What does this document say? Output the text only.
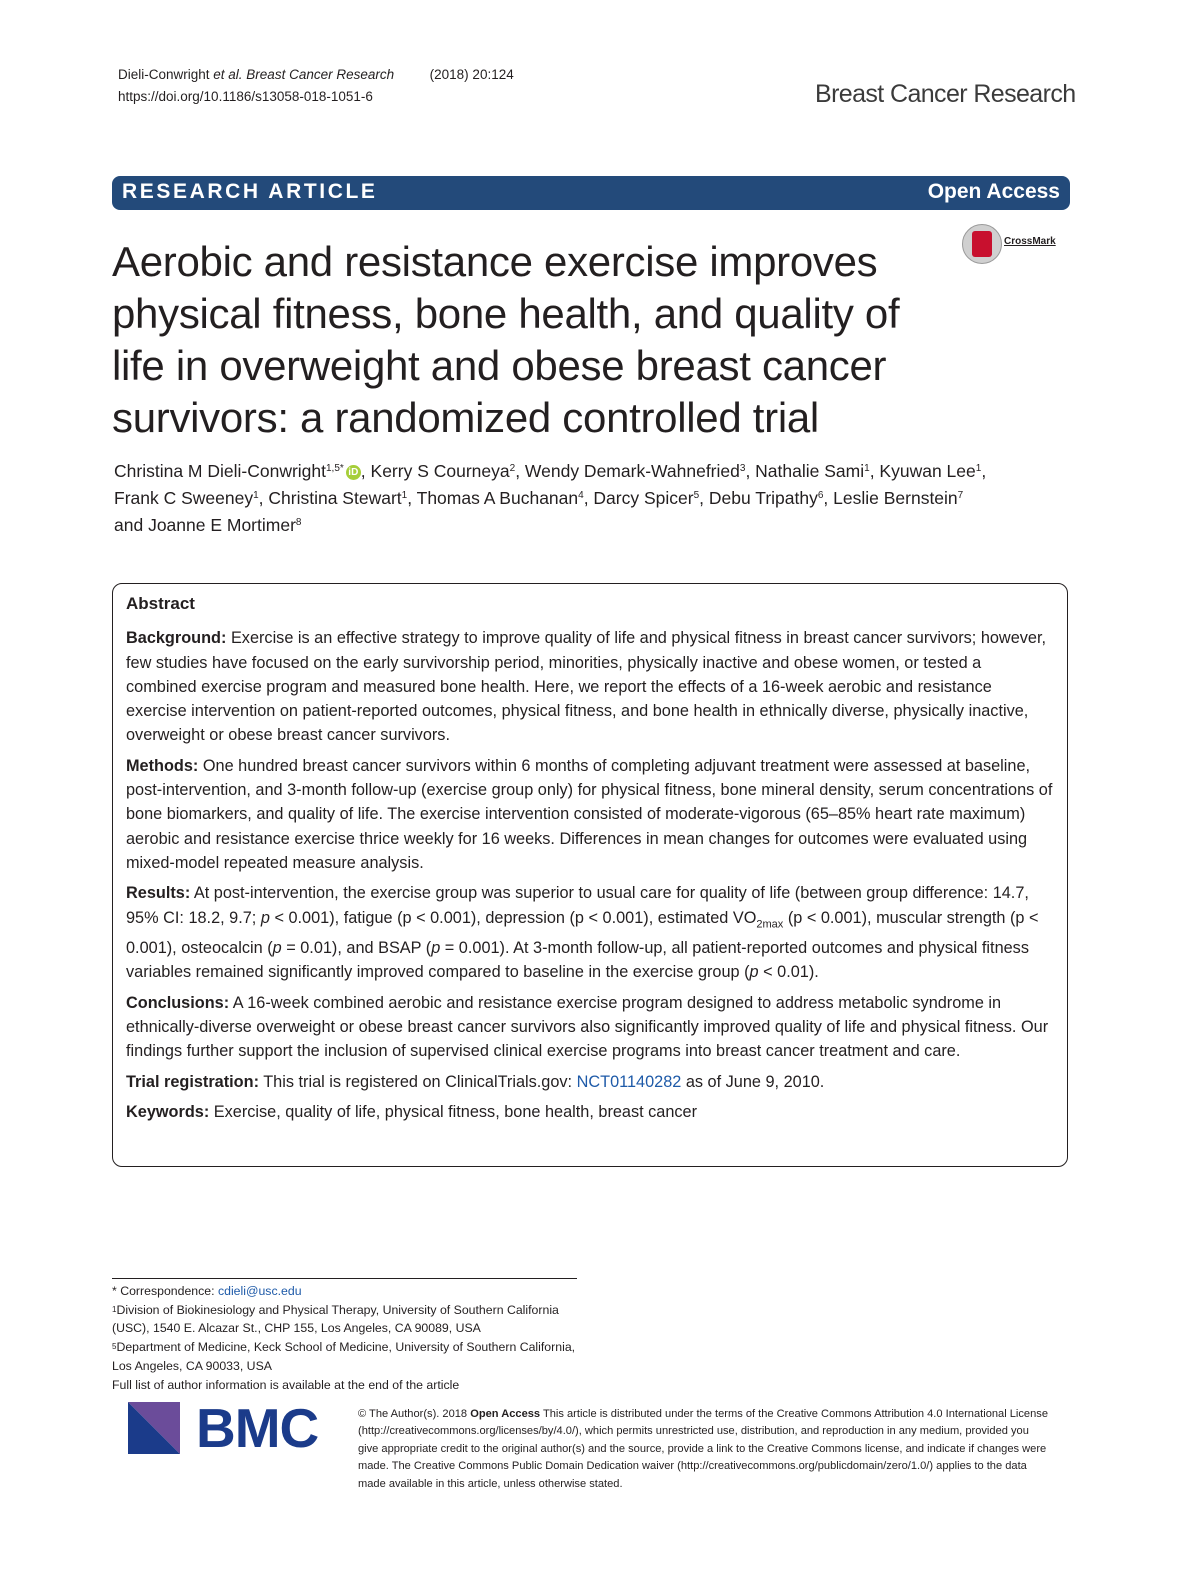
Dieli-Conwright et al. Breast Cancer Research	(2018) 20:124
https://doi.org/10.1186/s13058-018-1051-6	Breast Cancer Research
RESEARCH ARTICLE	Open Access
CrossMark
Aerobic and resistance exercise improves physical fitness, bone health, and quality of life in overweight and obese breast cancer survivors: a randomized controlled trial
Christina M Dieli-Conwright$^{1,5*}$ iD , Kerry S Courneya$^2$, Wendy Demark-Wahnefried$^3$, Nathalie Sami$^1$, Kyuwan Lee$^1$,
Frank C Sweeney$^1$, Christina Stewart$^1$, Thomas A Buchanan$^4$, Darcy Spicer$^5$, Debu Tripathy$^6$, Leslie Bernstein$^7$
and Joanne E Mortimer$^8$
Abstract

Background: Exercise is an effective strategy to improve quality of life and physical fitness in breast cancer survivors; however, few studies have focused on the early survivorship period, minorities, physically inactive and obese women, or tested a combined exercise program and measured bone health. Here, we report the effects of a 16-week aerobic and resistance exercise intervention on patient-reported outcomes, physical fitness, and bone health in ethnically diverse, physically inactive, overweight or obese breast cancer survivors.

Methods: One hundred breast cancer survivors within 6 months of completing adjuvant treatment were assessed at baseline, post-intervention, and 3-month follow-up (exercise group only) for physical fitness, bone mineral density, serum concentrations of bone biomarkers, and quality of life. The exercise intervention consisted of moderate-vigorous (65–85% heart rate maximum) aerobic and resistance exercise thrice weekly for 16 weeks. Differences in mean changes for outcomes were evaluated using mixed-model repeated measure analysis.

Results: At post-intervention, the exercise group was superior to usual care for quality of life (between group difference: 14.7, 95% CI: 18.2, 9.7; p < 0.001), fatigue (p < 0.001), depression (p < 0.001), estimated $VO_{2max}$ (p < 0.001), muscular strength (p < 0.001), osteocalcin (p = 0.01), and BSAP (p = 0.001). At 3-month follow-up, all patient-reported outcomes and physical fitness variables remained significantly improved compared to baseline in the exercise group (p < 0.01).

Conclusions: A 16-week combined aerobic and resistance exercise program designed to address metabolic syndrome in ethnically-diverse overweight or obese breast cancer survivors also significantly improved quality of life and physical fitness. Our findings further support the inclusion of supervised clinical exercise programs into breast cancer treatment and care.

Trial registration: This trial is registered on ClinicalTrials.gov: NCT01140282 as of June 9, 2010.

Keywords: Exercise, quality of life, physical fitness, bone health, breast cancer

* Correspondence: cdieli@usc.edu
$^1$Division of Biokinesiology and Physical Therapy, University of Southern California (USC), 1540 E. Alcazar St., CHP 155, Los Angeles, CA 90089, USA
$^5$Department of Medicine, Keck School of Medicine, University of Southern California, Los Angeles, CA 90033, USA
Full list of author information is available at the end of the article
BMC	© The Author(s). 2018 Open Access This article is distributed under the terms of the Creative Commons Attribution 4.0 International License (http://creativecommons.org/licenses/by/4.0/), which permits unrestricted use, distribution, and reproduction in any medium, provided you give appropriate credit to the original author(s) and the source, provide a link to the Creative Commons license, and indicate if changes were made. The Creative Commons Public Domain Dedication waiver (http://creativecommons.org/publicdomain/zero/1.0/) applies to the data made available in this article, unless otherwise stated.
